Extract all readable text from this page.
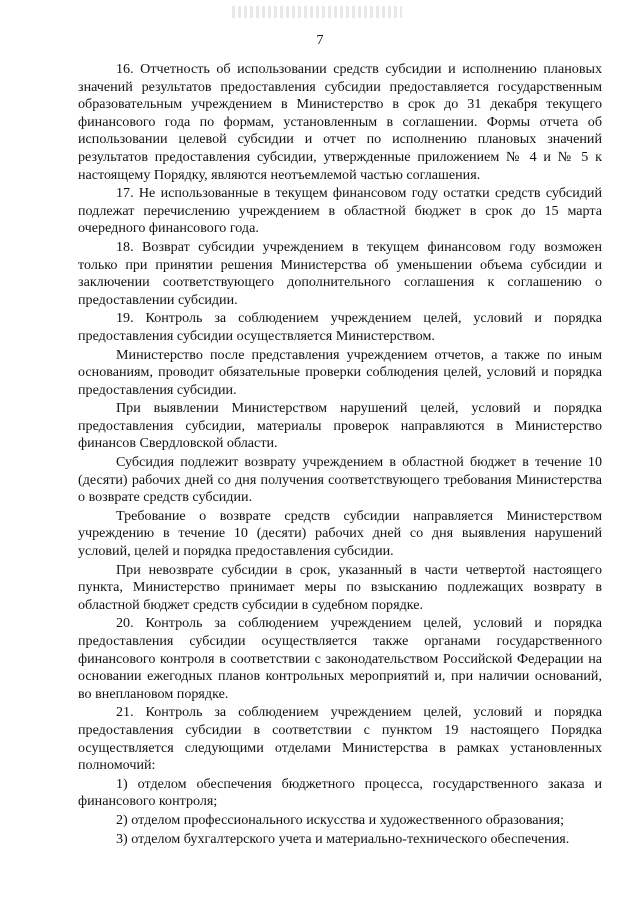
7

16. Отчетность об использовании средств субсидии и исполнению плановых значений результатов предоставления субсидии предоставляется государственным образовательным учреждением в Министерство в срок до 31 декабря текущего финансового года по формам, установленным в соглашении. Формы отчета об использовании целевой субсидии и отчет по исполнению плановых значений результатов предоставления субсидии, утвержденные приложением № 4 и № 5 к настоящему Порядку, являются неотъемлемой частью соглашения.

17. Не использованные в текущем финансовом году остатки средств субсидий подлежат перечислению учреждением в областной бюджет в срок до 15 марта очередного финансового года.

18. Возврат субсидии учреждением в текущем финансовом году возможен только при принятии решения Министерства об уменьшении объема субсидии и заключении соответствующего дополнительного соглашения к соглашению о предоставлении субсидии.

19. Контроль за соблюдением учреждением целей, условий и порядка предоставления субсидии осуществляется Министерством.

Министерство после представления учреждением отчетов, а также по иным основаниям, проводит обязательные проверки соблюдения целей, условий и порядка предоставления субсидии.

При выявлении Министерством нарушений целей, условий и порядка предоставления субсидии, материалы проверок направляются в Министерство финансов Свердловской области.

Субсидия подлежит возврату учреждением в областной бюджет в течение 10 (десяти) рабочих дней со дня получения соответствующего требования Министерства о возврате средств субсидии.

Требование о возврате средств субсидии направляется Министерством учреждению в течение 10 (десяти) рабочих дней со дня выявления нарушений условий, целей и порядка предоставления субсидии.

При невозврате субсидии в срок, указанный в части четвертой настоящего пункта, Министерство принимает меры по взысканию подлежащих возврату в областной бюджет средств субсидии в судебном порядке.

20. Контроль за соблюдением учреждением целей, условий и порядка предоставления субсидии осуществляется также органами государственного финансового контроля в соответствии с законодательством Российской Федерации на основании ежегодных планов контрольных мероприятий и, при наличии оснований, во внеплановом порядке.

21. Контроль за соблюдением учреждением целей, условий и порядка предоставления субсидии в соответствии с пунктом 19 настоящего Порядка осуществляется следующими отделами Министерства в рамках установленных полномочий:

1) отделом обеспечения бюджетного процесса, государственного заказа и финансового контроля;

2) отделом профессионального искусства и художественного образования;

3) отделом бухгалтерского учета и материально-технического обеспечения.
